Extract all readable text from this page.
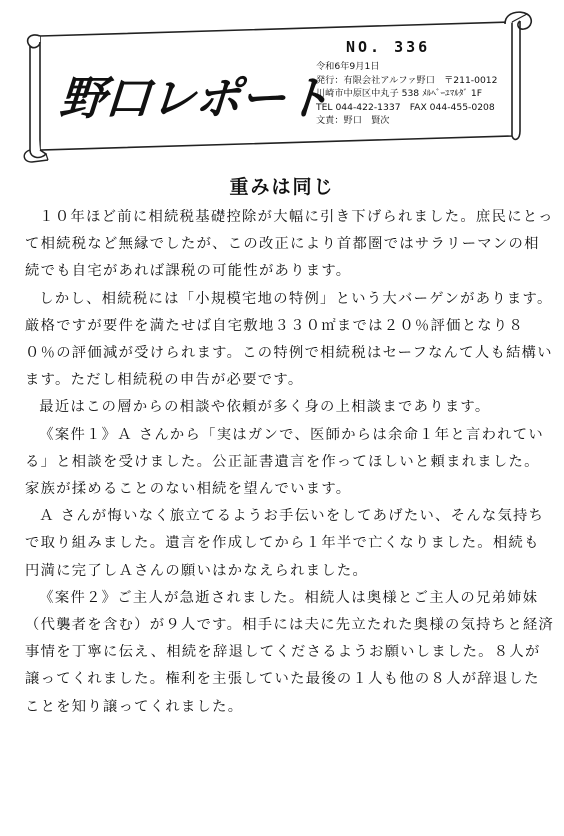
野口レポート
NO. 336
令和6年9月1日
発行：有限会社アルファ野口　〒211-0012
川崎市中原区中丸子 538 ﾒﾙﾍﾞｰﾕﾏﾙﾀﾞ 1F
TEL 044-422-1337　FAX 044-455-0208
文責：野口　賢次
重みは同じ

１０年ほど前に相続税基礎控除が大幅に引き下げられました。庶民にとって相続税など無縁でしたが、この改正により首都圏ではサラリーマンの相続でも自宅があれば課税の可能性があります。

しかし、相続税には「小規模宅地の特例」という大バーゲンがあります。厳格ですが要件を満たせば自宅敷地３３０㎡までは２０％評価となり８０％の評価減が受けられます。この特例で相続税はセーフなんて人も結構います。ただし相続税の申告が必要です。

最近はこの層からの相談や依頼が多く身の上相談まであります。

《案件１》Ａ さんから「実はガンで、医師からは余命１年と言われている」と相談を受けました。公正証書遺言を作ってほしいと頼まれました。家族が揉めることのない相続を望んでいます。

Ａ さんが悔いなく旅立てるようお手伝いをしてあげたい、そんな気持ちで取り組みました。遺言を作成してから１年半で亡くなりました。相続も円満に完了しＡさんの願いはかなえられました。

《案件２》ご主人が急逝されました。相続人は奥様とご主人の兄弟姉妹（代襲者を含む）が９人です。相手には夫に先立たれた奥様の気持ちと経済事情を丁寧に伝え、相続を辞退してくださるようお願いしました。８人が譲ってくれました。権利を主張していた最後の１人も他の８人が辞退したことを知り譲ってくれました。
